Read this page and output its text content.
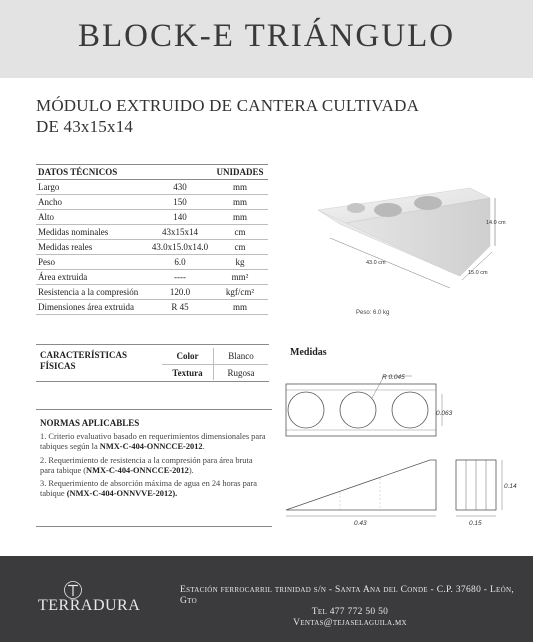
BLOCK-E TRIÁNGULO
MÓDULO EXTRUIDO DE CANTERA CULTIVADA
DE 43x15x14
DATOS TÉCNICOS		UNIDADES
Largo	430	mm
Ancho	150	mm
Alto	140	mm
Medidas nominales	43x15x14	cm
Medidas reales	43.0x15.0x14.0	cm
Peso	6.0	kg
Área extruida	----	mm²
Resistencia a la compresión	120.0	kgf/cm²
Dimensiones área extruida	R 45	mm
14.0 cm
43.0 cm
15.0 cm
Peso: 6.0 kg
CARACTERÍSTICAS
FÍSICAS
Color	Blanco
Textura	Rugosa
Medidas
R 0.045
0.063
0.43
0.14
0.15
NORMAS APLICABLES

1. Criterio evaluativo basado en requerimientos dimensionales para tabiques según la NMX-C-404-ONNCCE-2012.

2. Requerimiento de resistencia a la compresión para área bruta para tabique (NMX-C-404-ONNCCE-2012).

3. Requerimiento de absorción máxima de agua en 24 horas para tabique (NMX-C-404-ONNVVE-2012).

TERRADURA
Estación ferrocarril trinidad s/n - Santa Ana del Conde - C.P. 37680 - León, Gto
Tel 477 772 50 50
Ventas@tejaselaguila.mx
